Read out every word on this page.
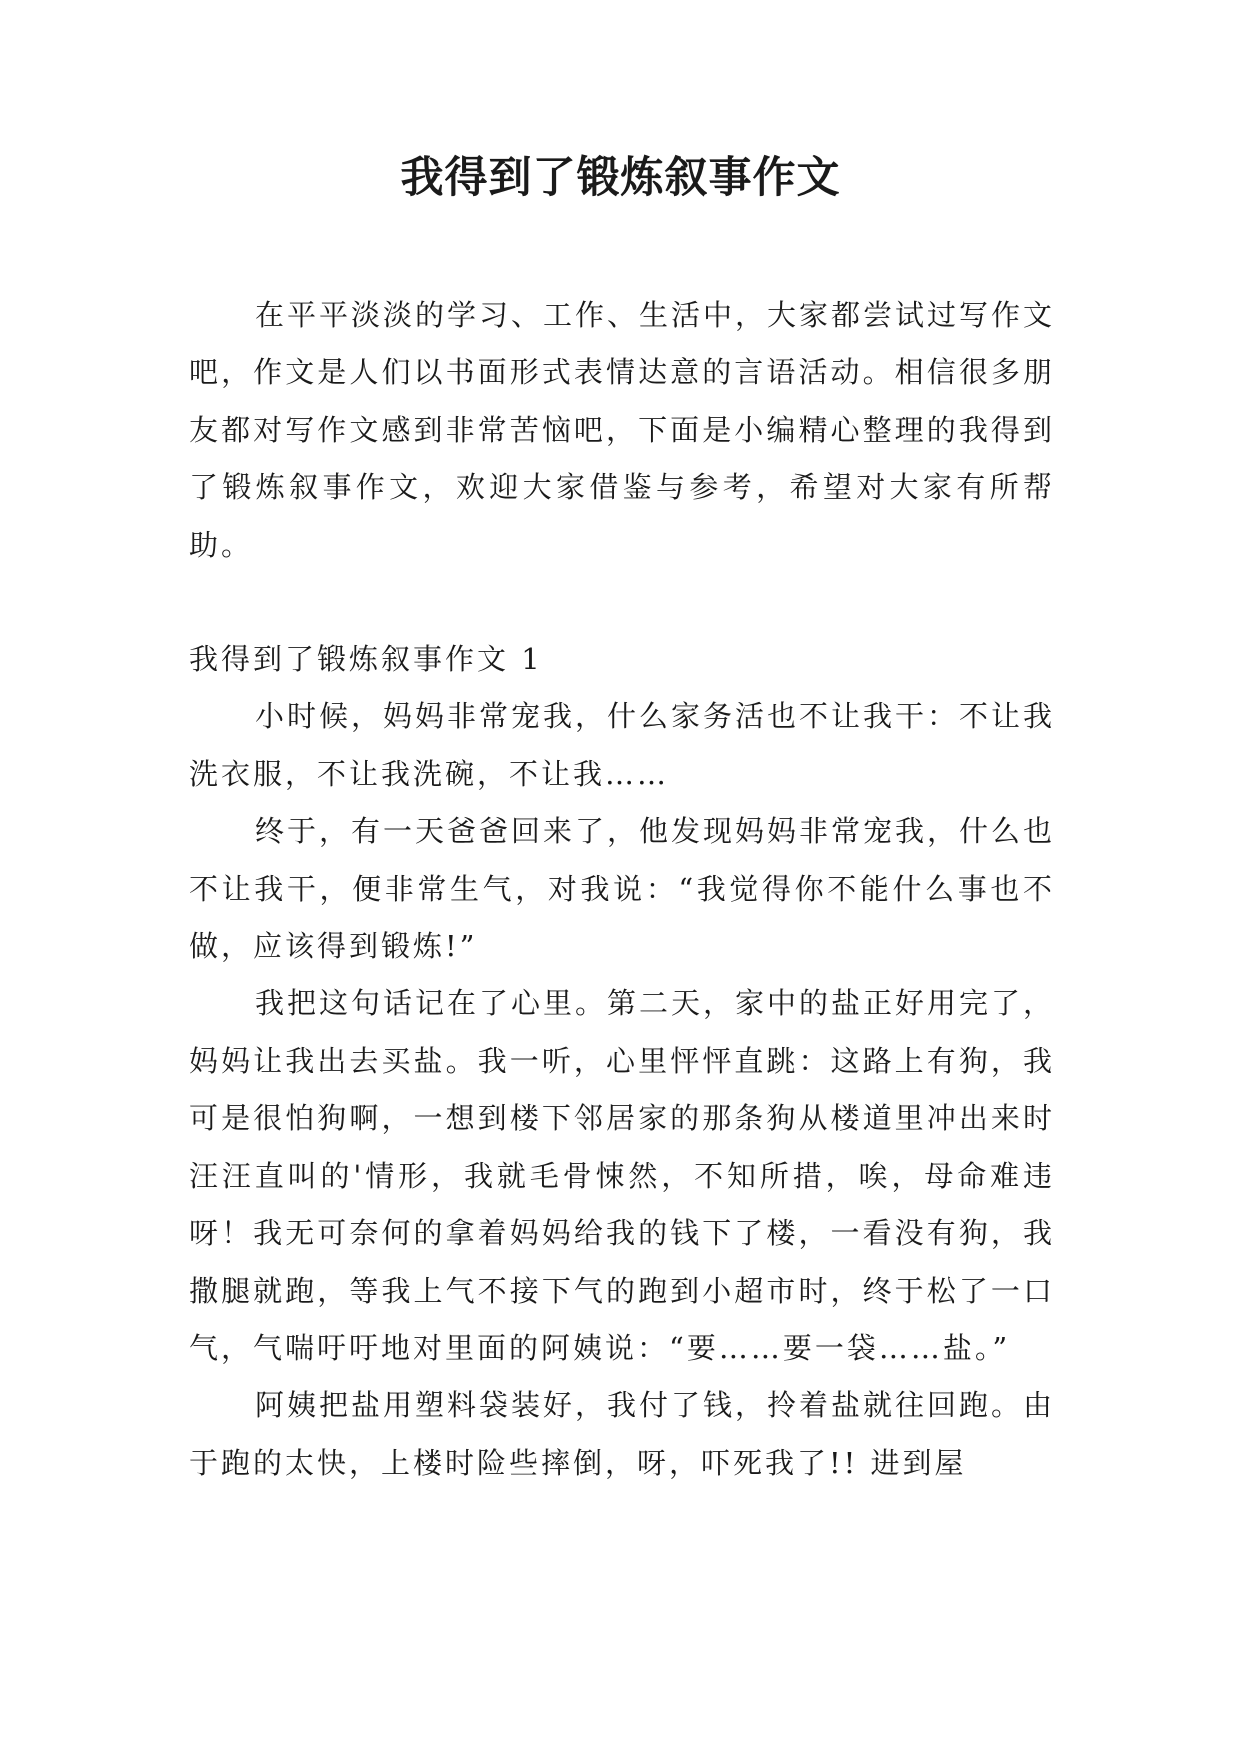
我得到了锻炼叙事作文

在平平淡淡的学习、工作、生活中，大家都尝试过写作文吧，作文是人们以书面形式表情达意的言语活动。相信很多朋友都对写作文感到非常苦恼吧，下面是小编精心整理的我得到了锻炼叙事作文，欢迎大家借鉴与参考，希望对大家有所帮助。

我得到了锻炼叙事作文 1

小时候，妈妈非常宠我，什么家务活也不让我干：不让我洗衣服，不让我洗碗，不让我……

终于，有一天爸爸回来了，他发现妈妈非常宠我，什么也不让我干，便非常生气，对我说：“我觉得你不能什么事也不做，应该得到锻炼!”

我把这句话记在了心里。第二天，家中的盐正好用完了，妈妈让我出去买盐。我一听，心里怦怦直跳：这路上有狗，我可是很怕狗啊，一想到楼下邻居家的那条狗从楼道里冲出来时汪汪直叫的'情形，我就毛骨悚然，不知所措，唉，母命难违呀！我无可奈何的拿着妈妈给我的钱下了楼，一看没有狗，我撒腿就跑，等我上气不接下气的跑到小超市时，终于松了一口气，气喘吁吁地对里面的阿姨说：“要……要一袋……盐。”

阿姨把盐用塑料袋装好，我付了钱，拎着盐就往回跑。由于跑的太快，上楼时险些摔倒，呀，吓死我了!! 进到屋
